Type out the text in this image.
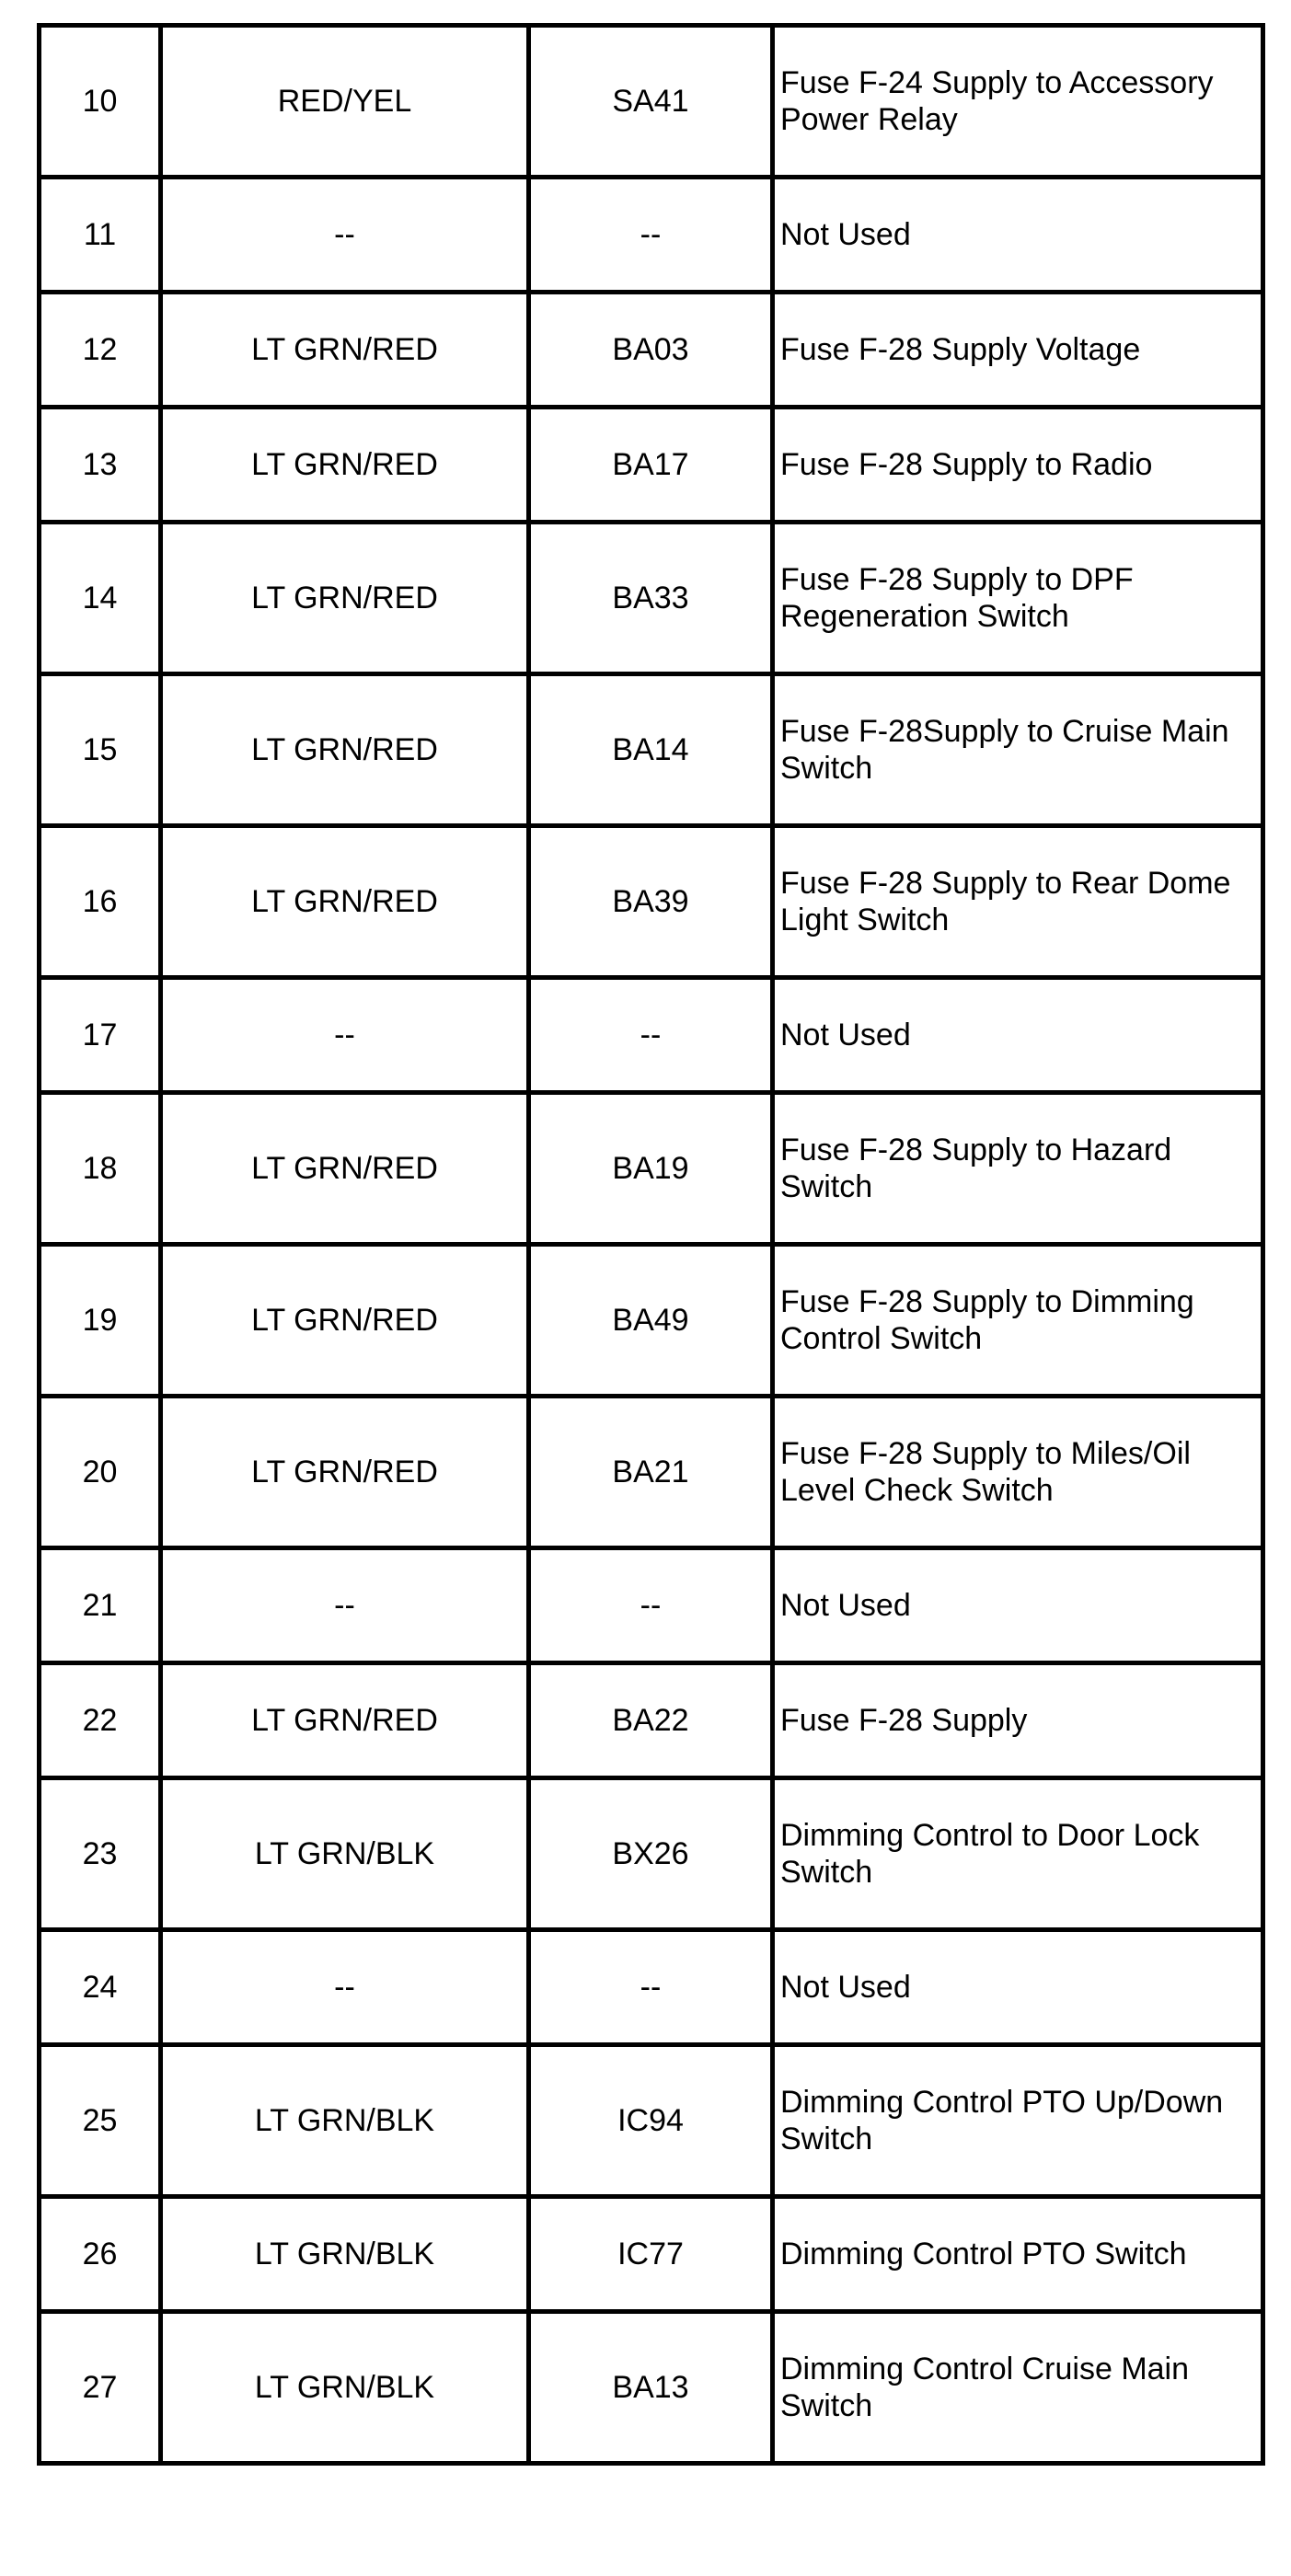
10	RED/YEL	SA41	Fuse F-24 Supply to Accessory Power Relay
11	--	--	Not Used
12	LT GRN/RED	BA03	Fuse F-28 Supply Voltage
13	LT GRN/RED	BA17	Fuse F-28 Supply to Radio
14	LT GRN/RED	BA33	Fuse F-28 Supply to DPF Regeneration Switch
15	LT GRN/RED	BA14	Fuse F-28Supply to Cruise Main Switch
16	LT GRN/RED	BA39	Fuse F-28 Supply to Rear Dome Light Switch
17	--	--	Not Used
18	LT GRN/RED	BA19	Fuse F-28 Supply to Hazard Switch
19	LT GRN/RED	BA49	Fuse F-28 Supply to Dimming Control Switch
20	LT GRN/RED	BA21	Fuse F-28 Supply to Miles/Oil Level Check Switch
21	--	--	Not Used
22	LT GRN/RED	BA22	Fuse F-28 Supply
23	LT GRN/BLK	BX26	Dimming Control to Door Lock Switch
24	--	--	Not Used
25	LT GRN/BLK	IC94	Dimming Control PTO Up/Down Switch
26	LT GRN/BLK	IC77	Dimming Control PTO Switch
27	LT GRN/BLK	BA13	Dimming Control Cruise Main Switch
